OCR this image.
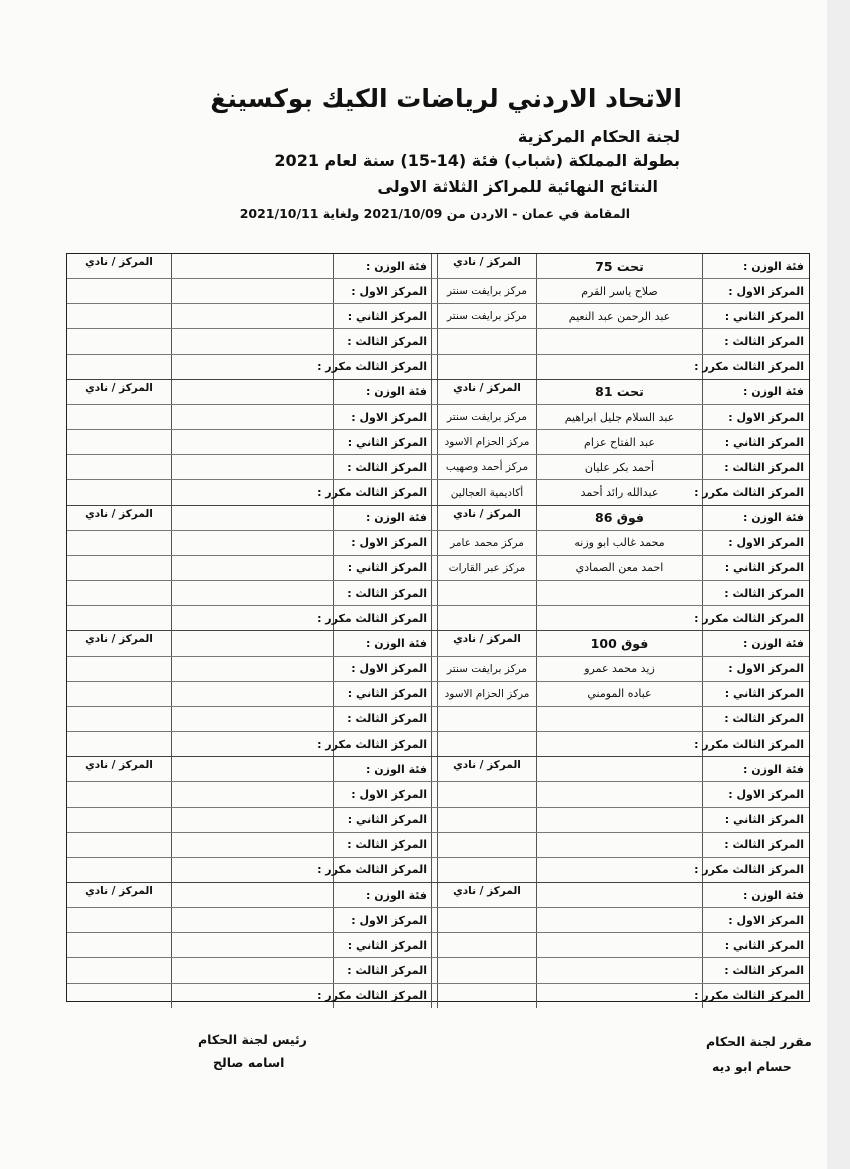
الاتحاد الاردني لرياضات الكيك بوكسينغ
لجنة الحكام المركزية
بطولة المملكة (شباب) فئة (14-15) سنة لعام 2021
النتائج النهائية للمراكز الثلاثة الاولى
المقامة في عمان - الاردن من 2021/10/09 ولغاية 2021/10/11
فئة الوزن :
تحت 75
المركز / نادي
فئة الوزن :
المركز / نادي
المركز الاول :
صلاح ياسر القرم
مركز برايفت سنتر
المركز الاول :
المركز الثاني :
عبد الرحمن عبد النعيم
مركز برايفت سنتر
المركز الثاني :
المركز الثالث :
المركز الثالث :
المركز الثالث مكرر :
المركز الثالث مكرر :
فئة الوزن :
تحت 81
المركز / نادي
فئة الوزن :
المركز / نادي
المركز الاول :
عبد السلام جليل ابراهيم
مركز برايفت سنتر
المركز الاول :
المركز الثاني :
عبد الفتاح عزام
مركز الحزام الاسود
المركز الثاني :
المركز الثالث :
أحمد بكر عليان
مركز أحمد وصهيب
المركز الثالث :
المركز الثالث مكرر :
عبدالله رائد أحمد
أكاديمية العجالين
المركز الثالث مكرر :
فئة الوزن :
فوق 86
المركز / نادي
فئة الوزن :
المركز / نادي
المركز الاول :
محمد غالب ابو وزنه
مركز محمد عامر
المركز الاول :
المركز الثاني :
احمد معن الصمادي
مركز عبر القارات
المركز الثاني :
المركز الثالث :
المركز الثالث :
المركز الثالث مكرر :
المركز الثالث مكرر :
فئة الوزن :
فوق 100
المركز / نادي
فئة الوزن :
المركز / نادي
المركز الاول :
زيد محمد عمرو
مركز برايفت سنتر
المركز الاول :
المركز الثاني :
عباده المومني
مركز الحزام الاسود
المركز الثاني :
المركز الثالث :
المركز الثالث :
المركز الثالث مكرر :
المركز الثالث مكرر :
فئة الوزن :
المركز / نادي
فئة الوزن :
المركز / نادي
المركز الاول :
المركز الاول :
المركز الثاني :
المركز الثاني :
المركز الثالث :
المركز الثالث :
المركز الثالث مكرر :
المركز الثالث مكرر :
فئة الوزن :
المركز / نادي
فئة الوزن :
المركز / نادي
المركز الاول :
المركز الاول :
المركز الثاني :
المركز الثاني :
المركز الثالث :
المركز الثالث :
المركز الثالث مكرر :
المركز الثالث مكرر :
مقرر لجنة الحكام
حسام ابو ديه
رئيس لجنة الحكام
اسامه صالح
